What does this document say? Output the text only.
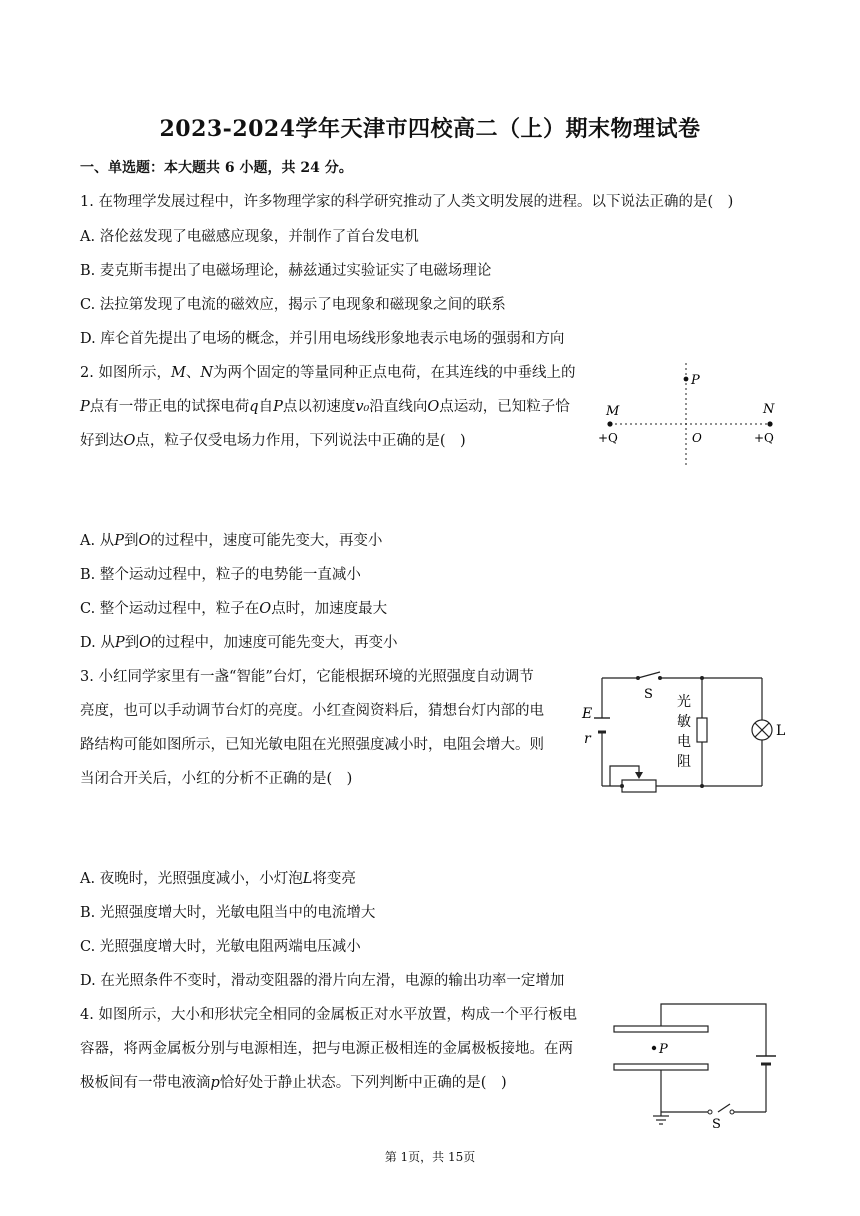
2023-2024学年天津市四校高二（上）期末物理试卷
一、单选题：本大题共 6 小题，共 24 分。
1. 在物理学发展过程中，许多物理学家的科学研究推动了人类文明发展的进程。以下说法正确的是(　)
A. 洛伦兹发现了电磁感应现象，并制作了首台发电机
B. 麦克斯韦提出了电磁场理论，赫兹通过实验证实了电磁场理论
C. 法拉第发现了电流的磁效应，揭示了电现象和磁现象之间的联系
D. 库仑首先提出了电场的概念，并引用电场线形象地表示电场的强弱和方向
2. 如图所示，M、N为两个固定的等量同种正点电荷，在其连线的中垂线上的
P点有一带正电的试探电荷q自P点以初速度v₀沿直线向O点运动，已知粒子恰
好到达O点，粒子仅受电场力作用，下列说法中正确的是(　)
P
M	N
O
+Q	+Q
A. 从P到O的过程中，速度可能先变大，再变小
B. 整个运动过程中，粒子的电势能一直减小
C. 整个运动过程中，粒子在O点时，加速度最大
D. 从P到O的过程中，加速度可能先变大，再变小
3. 小红同学家里有一盏“智能”台灯，它能根据环境的光照强度自动调节
亮度，也可以手动调节台灯的亮度。小红查阅资料后，猜想台灯内部的电
路结构可能如图所示，已知光敏电阻在光照强度减小时，电阻会增大。则
当闭合开关后，小红的分析不正确的是(　)
S
E
r
光
敏
电
阻
L
A. 夜晚时，光照强度减小，小灯泡L将变亮
B. 光照强度增大时，光敏电阻当中的电流增大
C. 光照强度增大时，光敏电阻两端电压减小
D. 在光照条件不变时，滑动变阻器的滑片向左滑，电源的输出功率一定增加
4. 如图所示，大小和形状完全相同的金属板正对水平放置，构成一个平行板电
容器，将两金属板分别与电源相连，把与电源正极相连的金属极板接地。在两
极板间有一带电液滴p恰好处于静止状态。下列判断中正确的是(　)
P
S
第 1页，共 15页
